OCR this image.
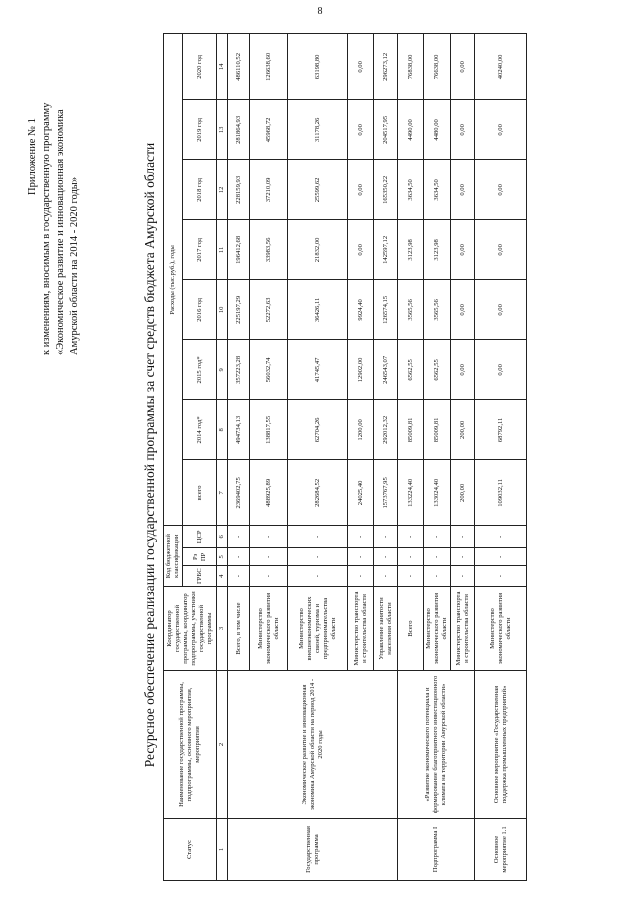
8
Приложение № 1 к изменениям, вносимым в государственную программу «Экономическое развитие и инновационная экономика Амурской области на 2014 - 2020 годы»	Ресурсное обеспечение реализации государственной программы за счет средств бюджета Амурской области
Статус	Наименование государственной программы, подпрограммы, основного мероприятия, мероприятия	Координатор государственной программы, координатор подпрограммы, участники государственной программы	Код бюджетной классификации			Расходы (тыс.руб.), годы							
			ГРБС	Рз ПР	ЦСР	всего	2014 год*	2015 год*	2016 год	2017 год	2018 год	2019 год	2020 год
1	2	3	4	5	6	7	8	9	10	11	12	13	14
Государственная программа	Экономическое развитие и инновационная экономика Амурской области на период 2014 - 2020 годы	Всего, в том числе	-	-	-	2369402,75	494734,13	357223,28	225197,29	196412,68	228159,93	281864,93	486110,52
		Министерство экономического развития области	-	-	-	488925,89	138817,55	56032,74	52272,63	33983,56	37210,09	45968,72	126638,60
		Министерство внешнеэкономических связей, туризма и предпринимательства области	-	-	-	282684,52	62704,26	41745,47	36426,11	21832,00	25599,62	31178,26	63198,80
		Министерство транспорта и строительства области	-	-	-	24025,40	1200,00	12902,00	9924,40	0,00	0,00	0,00	0,00
		Управление занятости населения области	-	-	-	1573767,95	292012,32	246543,07	126574,15	142597,12	165350,22	204517,95	296273,12
Подпрограмма I	«Развитие экономического потенциала и формирование благоприятного инвестиционного климата на территории Амурской области»	Всего	-	-	-	133224,40	85009,81	6562,55	3565,56	3123,98	3634,50	4490,00	76838,00
		Министерство экономического развития области	-	-	-	133024,40	85009,81	6562,55	3565,56	3123,98	3634,50	4480,00	76638,00
		Министерство транспорта и строительства области	-	-	-	200,00	200,00	0,00	0,00	0,00	0,00	0,00	0,00
Основное мероприятие 1.1	Основное мероприятие «Государственная поддержка промышленных предприятий»	Министерство экономического развития области	-	-	-	109032,11	68792,11	0,00	0,00	0,00	0,00	0,00	40240,00
